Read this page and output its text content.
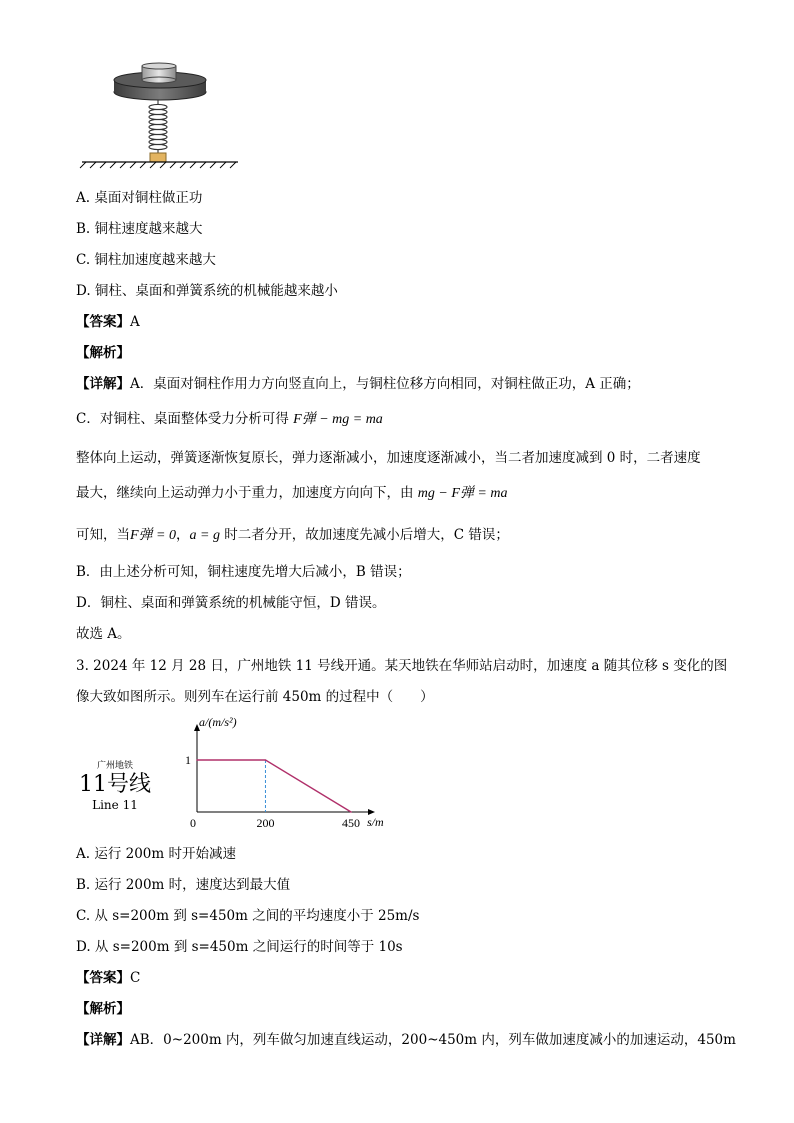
A. 桌面对铜柱做正功
B. 铜柱速度越来越大
C. 铜柱加速度越来越大
D. 铜柱、桌面和弹簧系统的机械能越来越小
【答案】A
【解析】
【详解】A．桌面对铜柱作用力方向竖直向上，与铜柱位移方向相同，对铜柱做正功，A 正确；
C．对铜柱、桌面整体受力分析可得 F弹 − mg = ma
整体向上运动，弹簧逐渐恢复原长，弹力逐渐减小，加速度逐渐减小，当二者加速度减到 0 时，二者速度
最大，继续向上运动弹力小于重力，加速度方向向下，由 mg − F弹 = ma
可知，当F弹 = 0，a = g 时二者分开，故加速度先减小后增大，C 错误；
B．由上述分析可知，铜柱速度先增大后减小，B 错误；
D．铜柱、桌面和弹簧系统的机械能守恒，D 错误。
故选 A。
3. 2024 年 12 月 28 日，广州地铁 11 号线开通。某天地铁在华师站启动时，加速度 a 随其位移 s 变化的图
像大致如图所示。则列车在运行前 450m 的过程中（　　）
广州地铁
11号线
Line 11
0	200	450
1
s/m
a/(m/s²)
A. 运行 200m 时开始减速
B. 运行 200m 时，速度达到最大值
C. 从 s=200m 到 s=450m 之间的平均速度小于 25m/s
D. 从 s=200m 到 s=450m 之间运行的时间等于 10s
【答案】C
【解析】
【详解】AB．0~200m 内，列车做匀加速直线运动，200~450m 内，列车做加速度减小的加速运动，450m
